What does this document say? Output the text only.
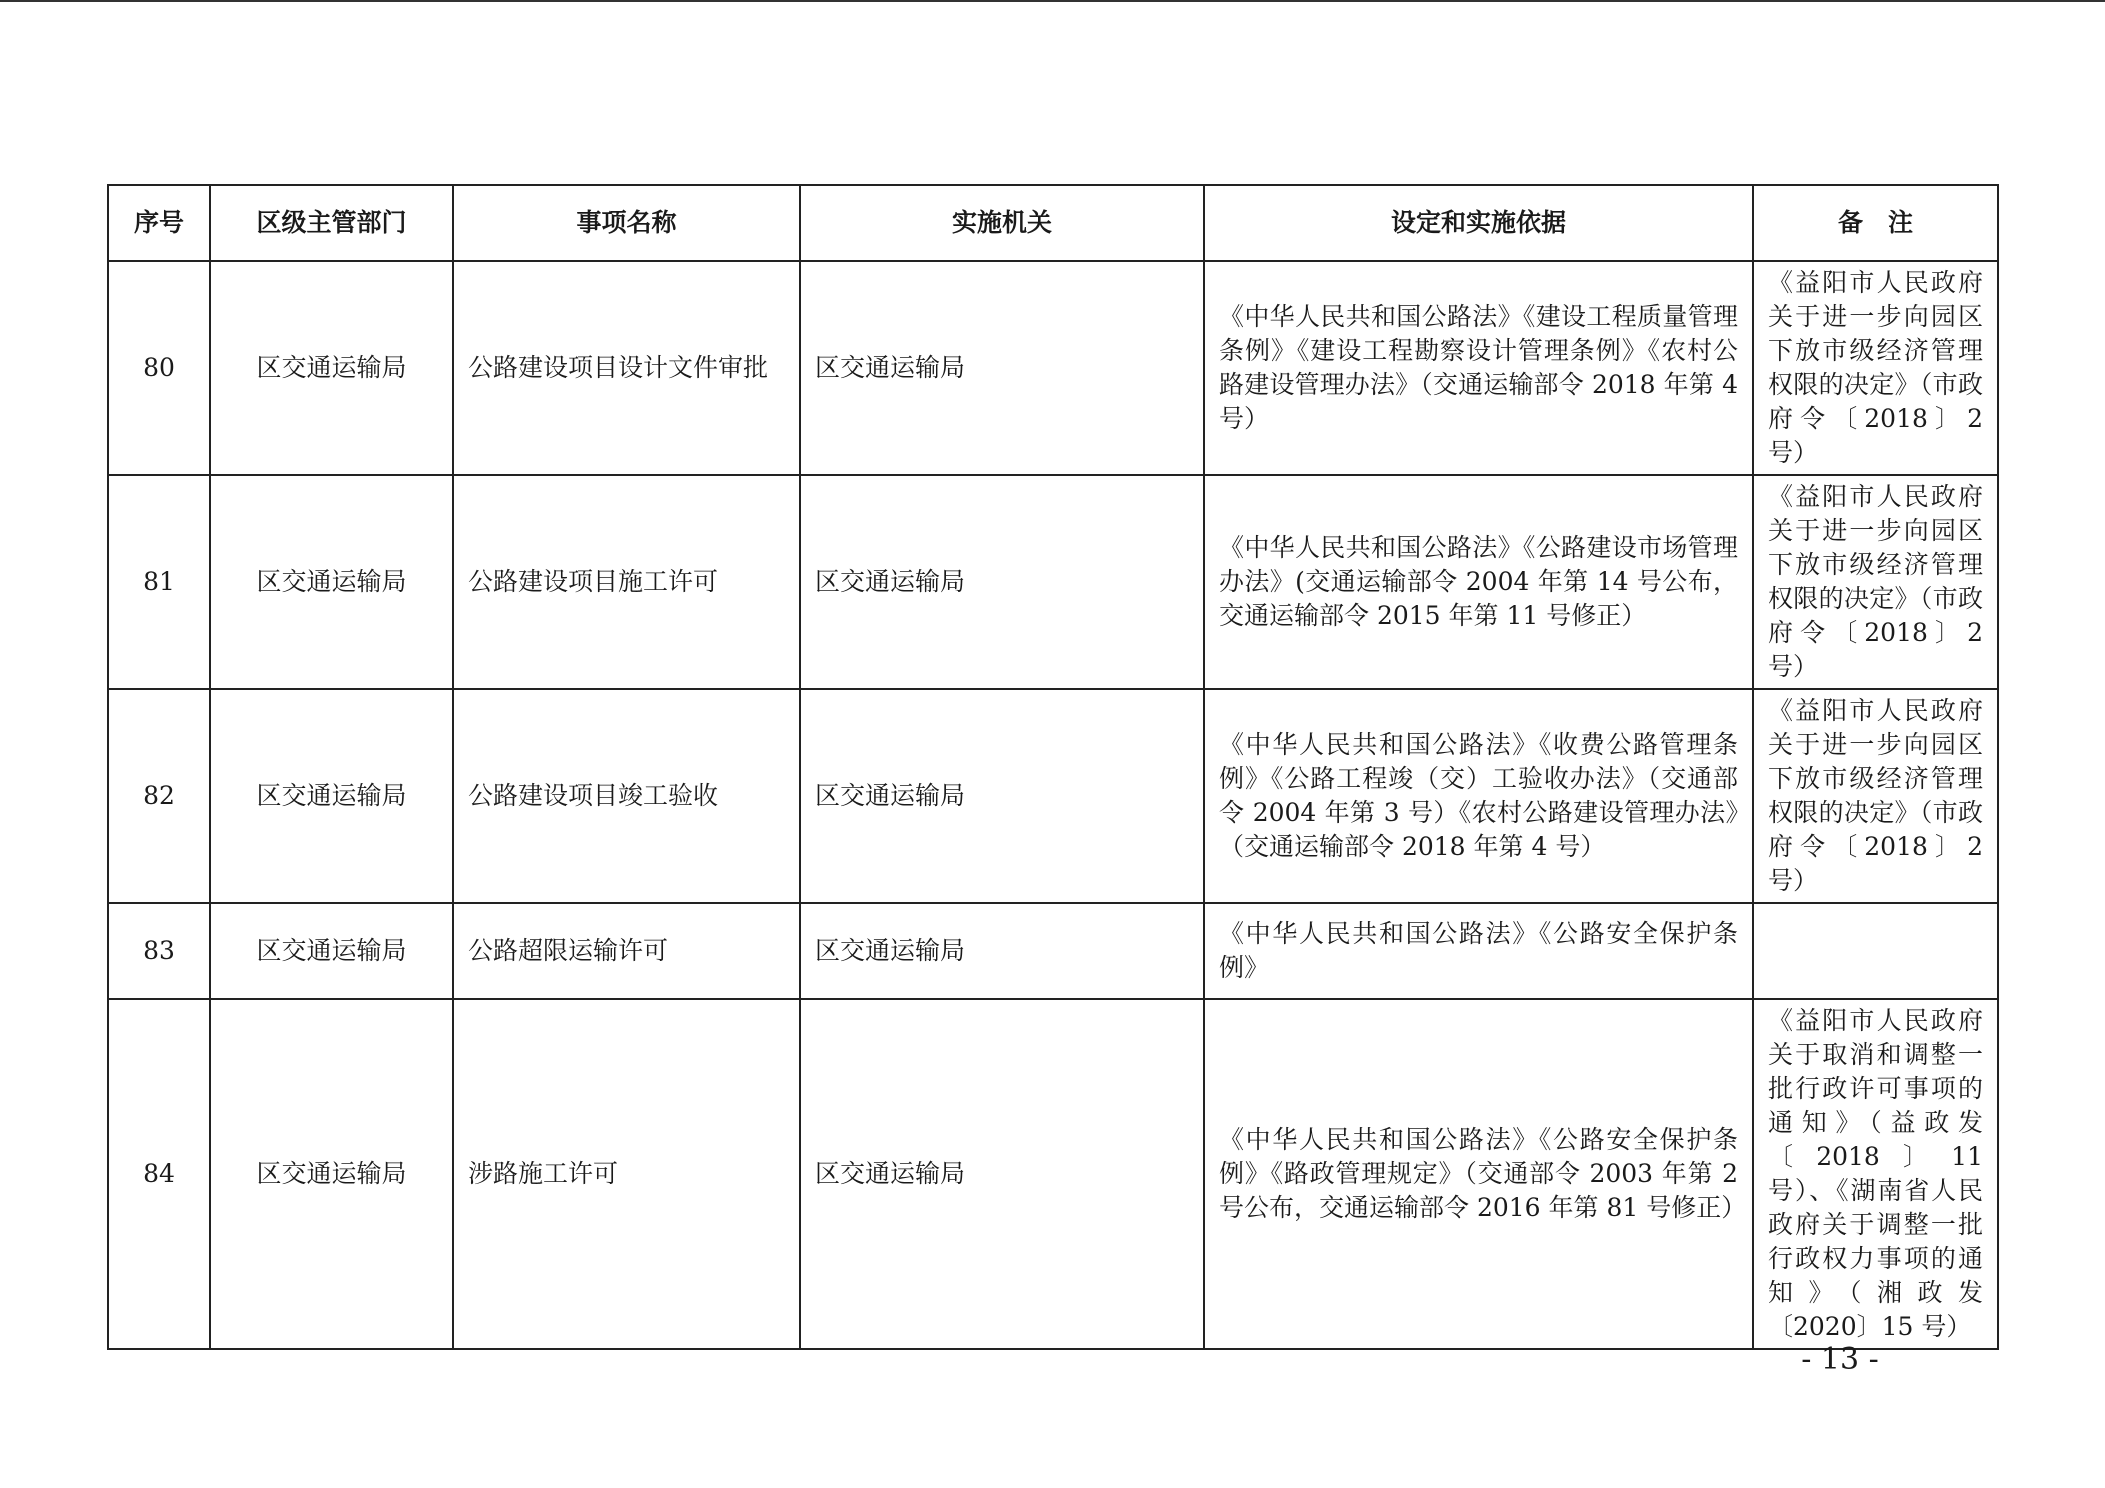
序号	区级主管部门	事项名称	实施机关	设定和实施依据	备　注
80	区交通运输局	公路建设项目设计文件审批	区交通运输局	《中华人民共和国公路法》《建设工程质量管理条例》《建设工程勘察设计管理条例》《农村公路建设管理办法》（交通运输部令 2018 年第 4 号）	《益阳市人民政府关于进一步向园区下放市级经济管理权限的决定》（市政府令〔2018〕2 号）
81	区交通运输局	公路建设项目施工许可	区交通运输局	《中华人民共和国公路法》《公路建设市场管理办法》(交通运输部令 2004 年第 14 号公布，交通运输部令 2015 年第 11 号修正）	《益阳市人民政府关于进一步向园区下放市级经济管理权限的决定》（市政府令〔2018〕2 号）
82	区交通运输局	公路建设项目竣工验收	区交通运输局	《中华人民共和国公路法》《收费公路管理条例》《公路工程竣（交）工验收办法》（交通部令 2004 年第 3 号）《农村公路建设管理办法》（交通运输部令 2018 年第 4 号）	《益阳市人民政府关于进一步向园区下放市级经济管理权限的决定》（市政府令〔2018〕2 号）
83	区交通运输局	公路超限运输许可	区交通运输局	《中华人民共和国公路法》《公路安全保护条例》	
84	区交通运输局	涉路施工许可	区交通运输局	《中华人民共和国公路法》《公路安全保护条例》《路政管理规定》（交通部令 2003 年第 2 号公布，交通运输部令 2016 年第 81 号修正）	《益阳市人民政府关于取消和调整一批行政许可事项的通知》（益政发〔2018〕11 号）、《湖南省人民政府关于调整一批行政权力事项的通知》（湘政发〔2020〕15 号）
- 13 -
